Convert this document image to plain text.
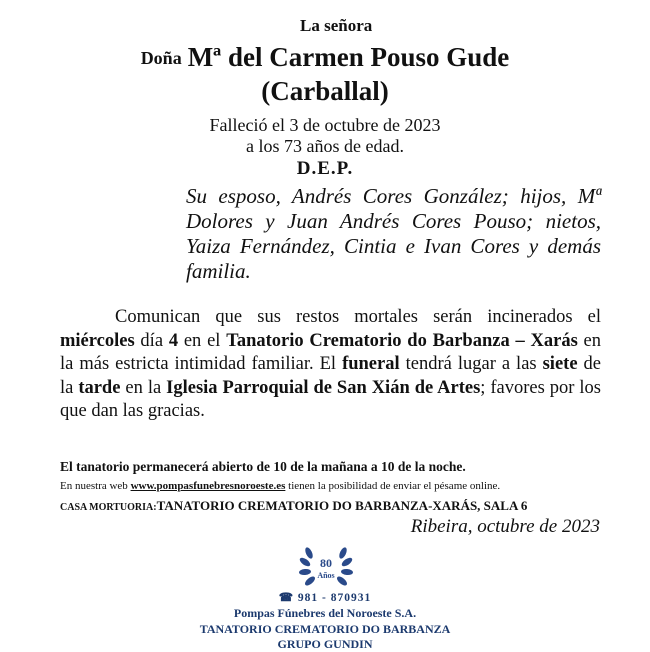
La señora
Doña Mª del Carmen Pouso Gude
(Carballal)
Falleció el 3 de octubre de 2023
a los 73 años de edad.
D.E.P.
Su esposo, Andrés Cores González; hijos, Mª Dolores y Juan Andrés Cores Pouso; nietos, Yaiza Fernández, Cintia e Ivan Cores y demás familia.
Comunican que sus restos mortales serán incinerados el miércoles día 4 en el Tanatorio Crematorio do Barbanza – Xarás en la más estricta intimidad familiar. El funeral tendrá lugar a las siete de la tarde en la Iglesia Parroquial de San Xián de Artes; favores por los que dan las gracias.
El tanatorio permanecerá abierto de 10 de la mañana a 10 de la noche.
En nuestra web www.pompasfunebresnoroeste.es tienen la posibilidad de enviar el pésame online.
CASA MORTUORIA:TANATORIO CREMATORIO DO BARBANZA-XARÁS, SALA 6
Ribeira, octubre de 2023
80
Años
☎ 981 - 870931
Pompas Fúnebres del Noroeste S.A.
TANATORIO CREMATORIO DO BARBANZA
GRUPO GUNDIN
